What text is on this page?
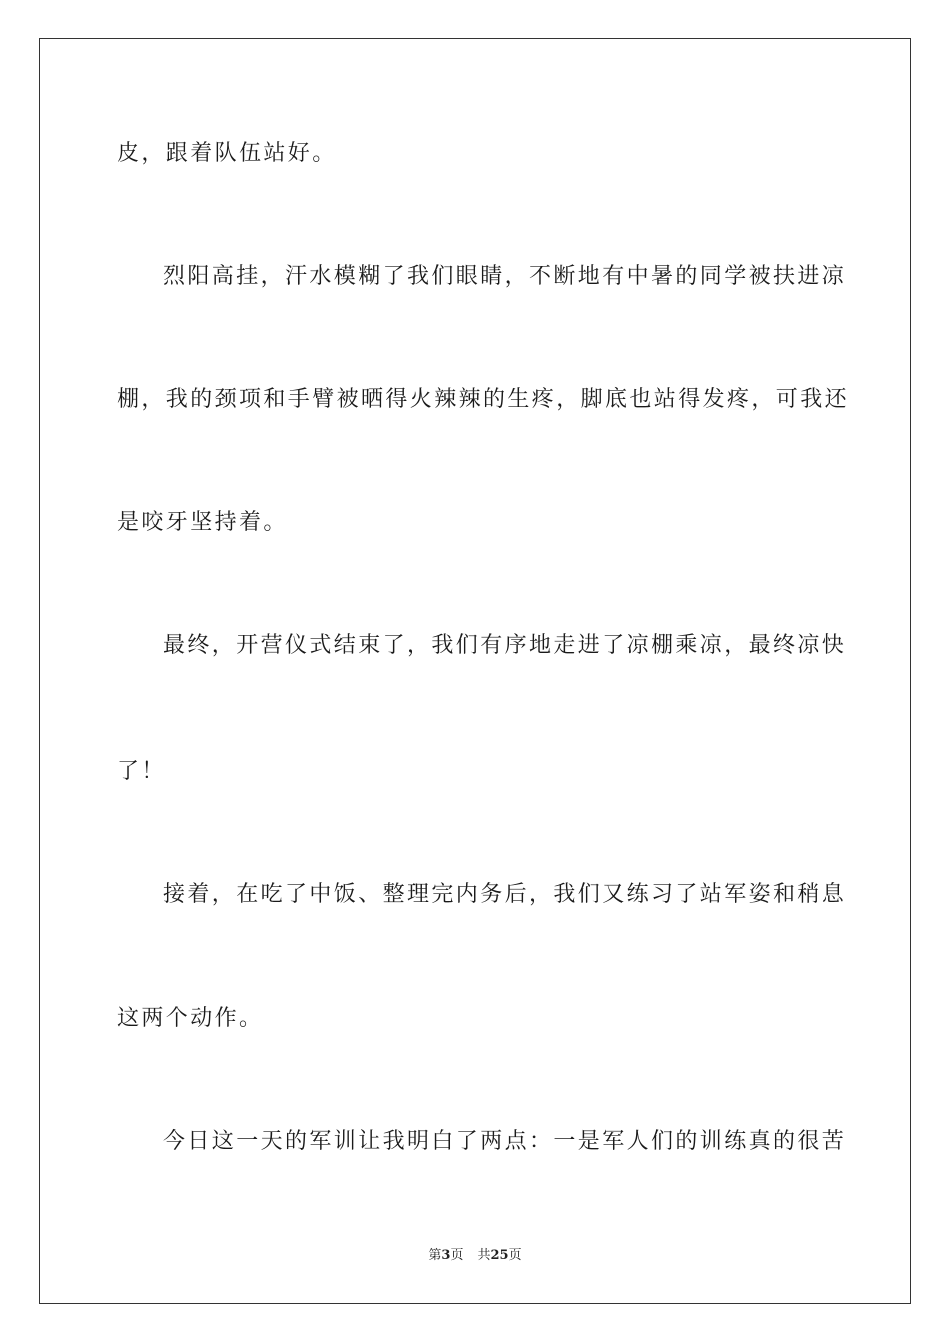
皮，跟着队伍站好。

烈阳高挂，汗水模糊了我们眼睛，不断地有中暑的同学被扶进凉

棚，我的颈项和手臂被晒得火辣辣的生疼，脚底也站得发疼，可我还

是咬牙坚持着。

最终，开营仪式结束了，我们有序地走进了凉棚乘凉，最终凉快

了！

接着，在吃了中饭、整理完内务后，我们又练习了站军姿和稍息

这两个动作。

今日这一天的军训让我明白了两点：一是军人们的训练真的很苦

第3页 共25页
